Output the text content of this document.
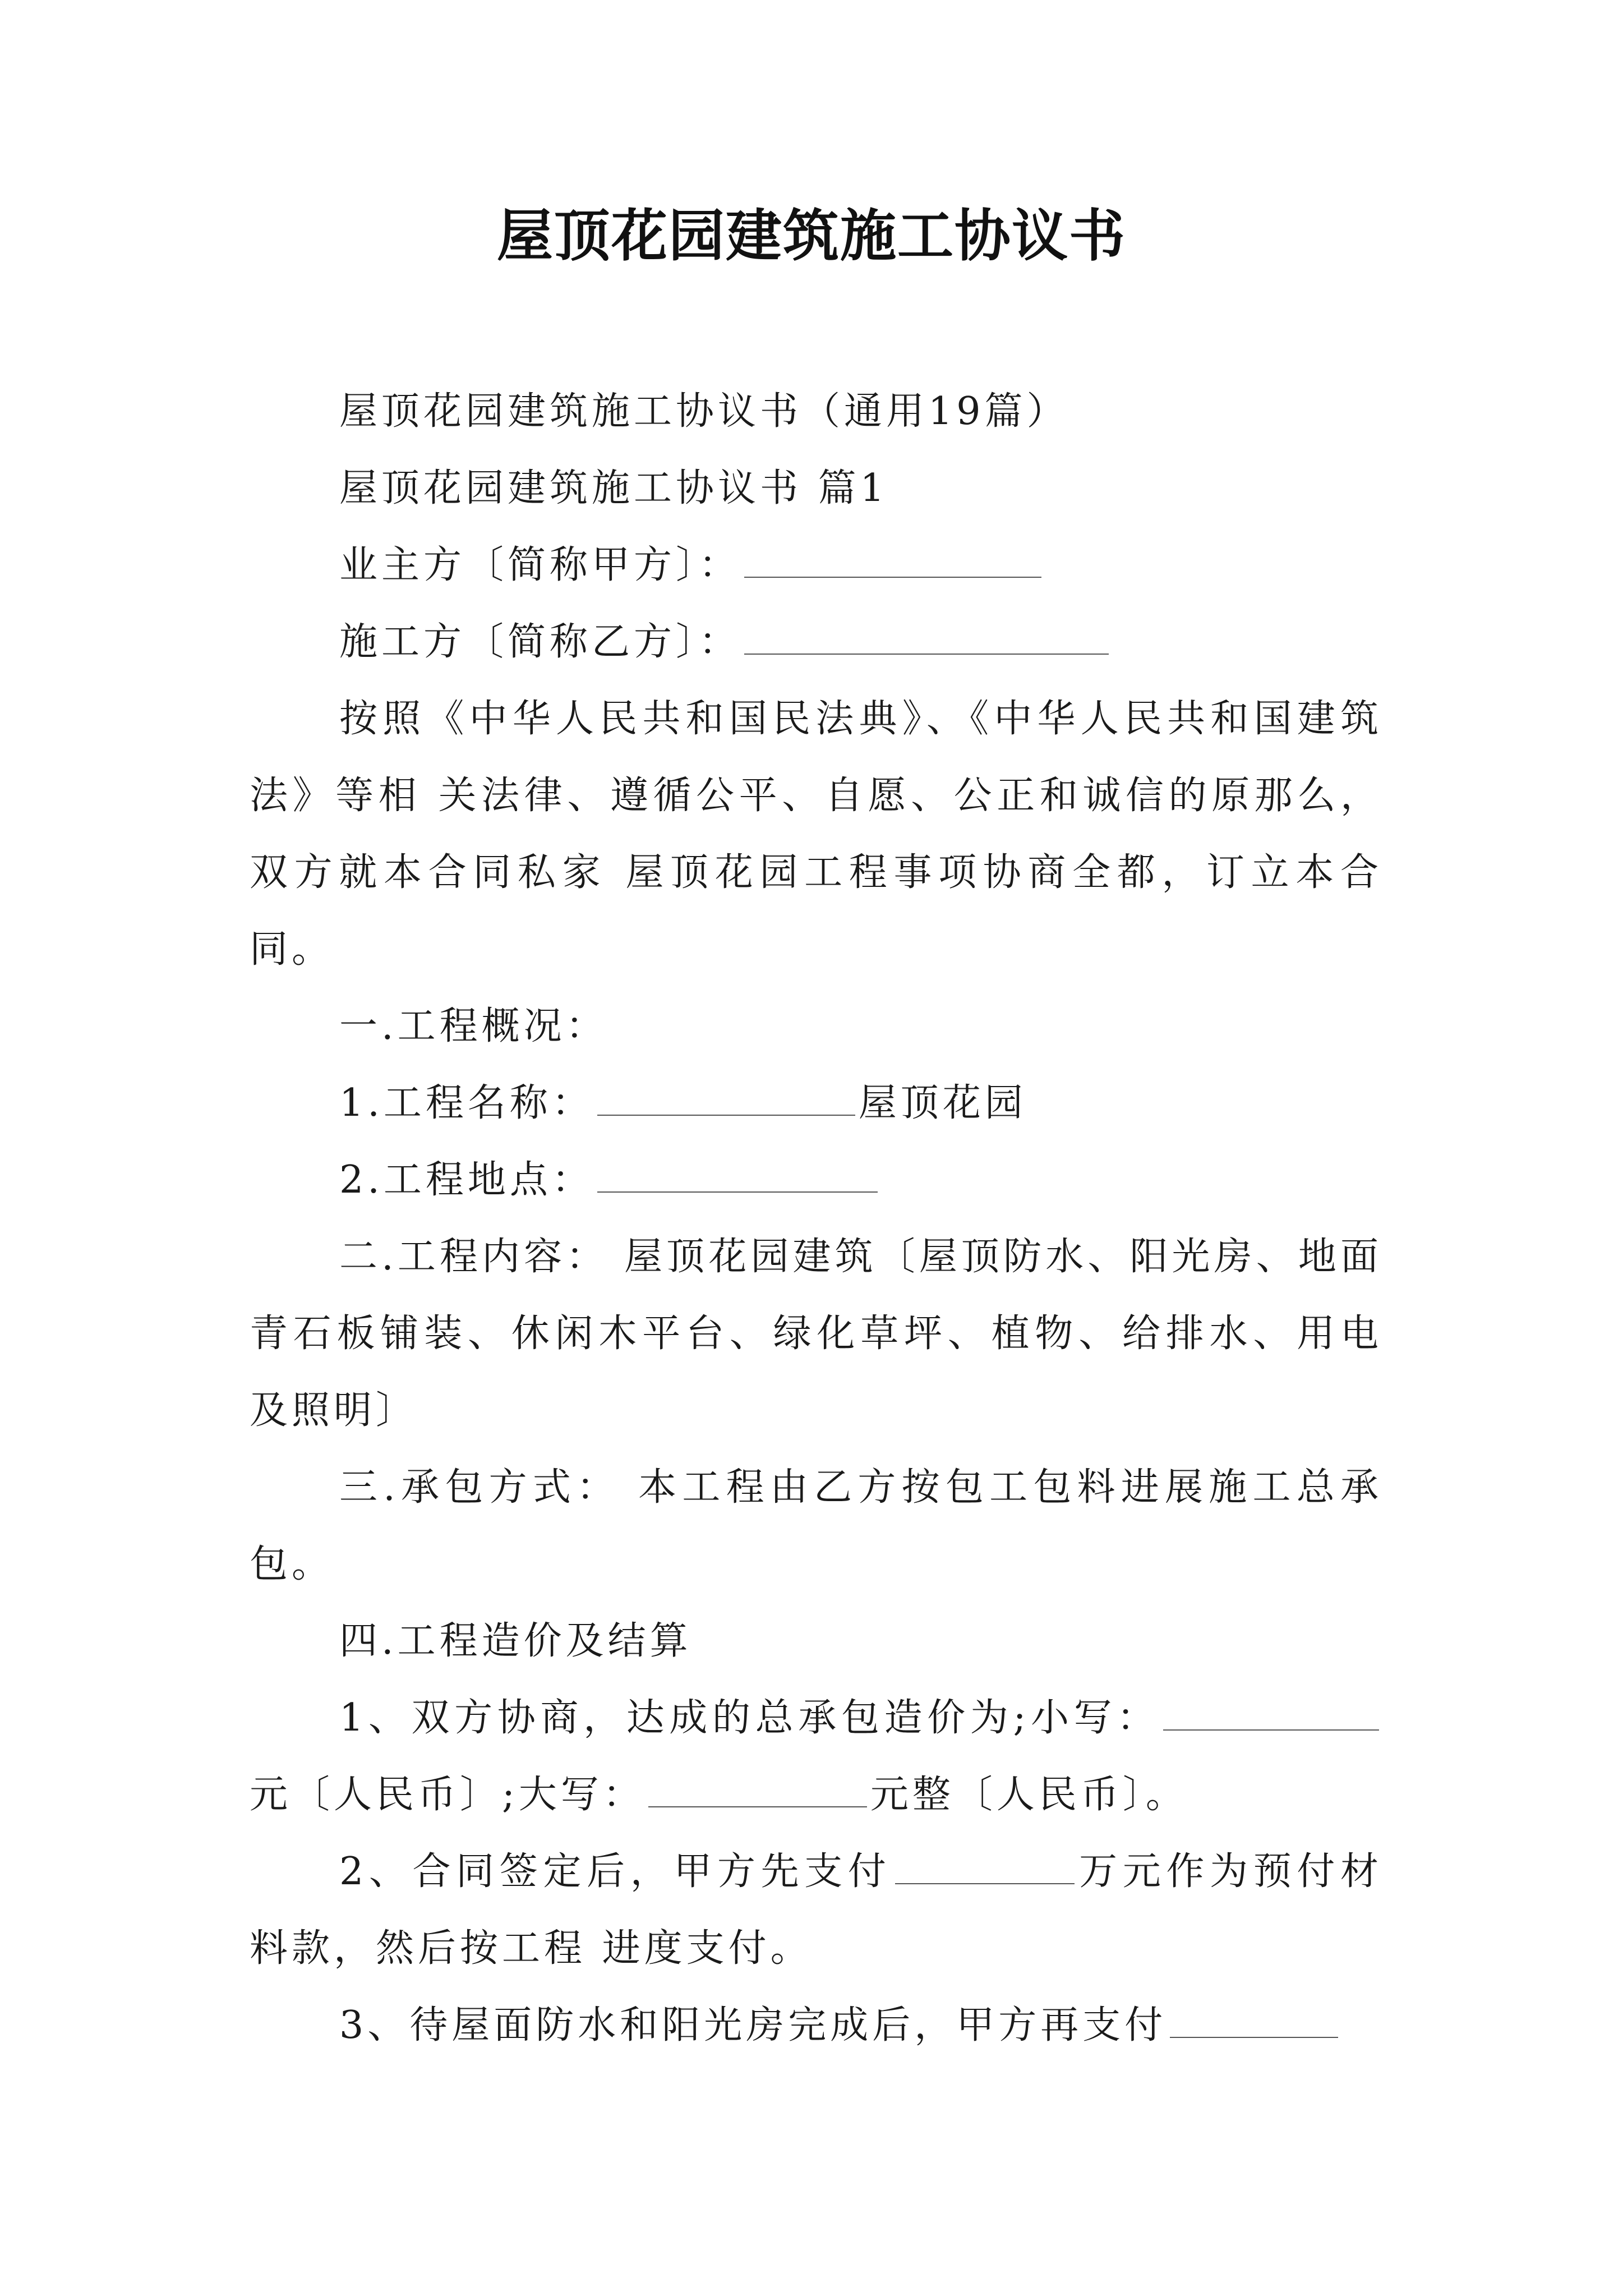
屋顶花园建筑施工协议书

屋顶花园建筑施工协议书（通用19篇）

屋顶花园建筑施工协议书 篇1

业主方〔简称甲方〕：

施工方〔简称乙方〕：

按照《中华人民共和国民法典》、《中华人民共和国建筑法》等相 关法律、遵循公平、自愿、公正和诚信的原那么，双方就本合同私家 屋顶花园工程事项协商全都，订立本合同。

一.工程概况：

1.工程名称：	屋顶花园

2.工程地点：

二.工程内容： 屋顶花园建筑〔屋顶防水、阳光房、地面青石板铺装、休闲木平台、绿化草坪、植物、给排水、用电及照明〕

三.承包方式： 本工程由乙方按包工包料进展施工总承包。

四.工程造价及结算

1、双方协商，达成的总承包造价为;小写：元〔人民币〕;大写：	元整〔人民币〕。

2、合同签定后，甲方先支付	万元作为预付材料款，然后按工程 进度支付。

3、待屋面防水和阳光房完成后，甲方再支付
